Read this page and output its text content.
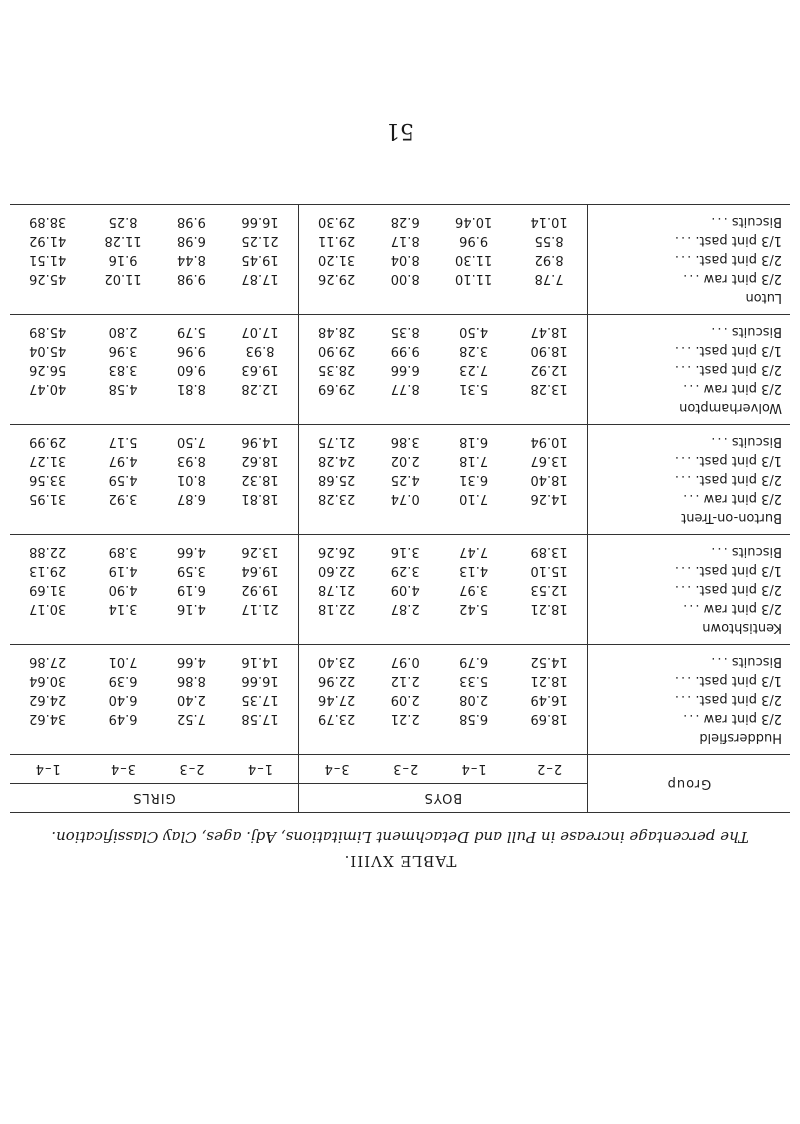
51
TABLE XVIII.
The percentage increase in Pull and Detachment Limitations, Adj. ages, Clay Classification.
Group	BOYS				GIRLS			
	2–2	1–4	2–3	3–4	1–4	2–3	3–4	1–4
Huddersfield								
2/3 pint raw ...	18.69	6.58	2.21	23.79	17.58	7.52	6.49	34.62
2/3 pint past. ...	16.49	2.08	2.09	27.46	17.35	2.40	6.40	24.62
1/3 pint past. ...	18.21	5.33	2.12	22.96	16.66	8.86	6.39	30.64
Biscuits ...	14.52	6.79	0.97	23.40	14.16	4.66	7.01	27.86
Kentishtown								
2/3 pint raw ...	18.21	5.42	2.87	22.18	21.17	4.16	3.14	30.17
2/3 pint past. ...	12.53	3.97	4.09	21.78	19.92	6.19	4.90	31.69
1/3 pint past. ...	15.10	4.13	3.29	22.60	19.64	3.59	4.19	29.13
Biscuits ...	13.89	7.47	3.16	26.26	13.26	4.66	3.89	22.88
Burton-on-Trent								
2/3 pint raw ...	14.26	7.10	0.74	23.28	18.81	6.87	3.92	31.95
2/3 pint past. ...	18.40	6.31	4.25	25.68	18.32	8.01	4.59	33.56
1/3 pint past. ...	13.67	7.18	2.02	24.28	18.62	8.93	4.97	31.27
Biscuits ...	10.94	6.18	3.86	21.75	14.96	7.50	5.17	29.99
Wolverhampton								
2/3 pint raw ...	13.28	5.31	8.77	29.69	12.28	8.81	4.58	40.47
2/3 pint past. ...	12.92	7.23	6.66	28.35	19.63	9.60	3.83	56.26
1/3 pint past. ...	18.90	3.28	9.99	29.90	8.93	9.96	3.96	45.04
Biscuits ...	18.47	4.50	8.35	28.48	17.07	5.79	2.80	45.89
Luton								
2/3 pint raw ...	7.78	11.10	8.00	29.26	17.87	9.98	11.02	45.26
2/3 pint past. ...	8.92	11.30	8.04	31.20	19.45	8.44	9.16	41.51
1/3 pint past. ...	8.55	9.96	8.17	29.11	21.25	6.98	11.28	41.92
Biscuits ...	10.14	10.46	6.28	29.30	16.66	9.98	8.25	38.89
